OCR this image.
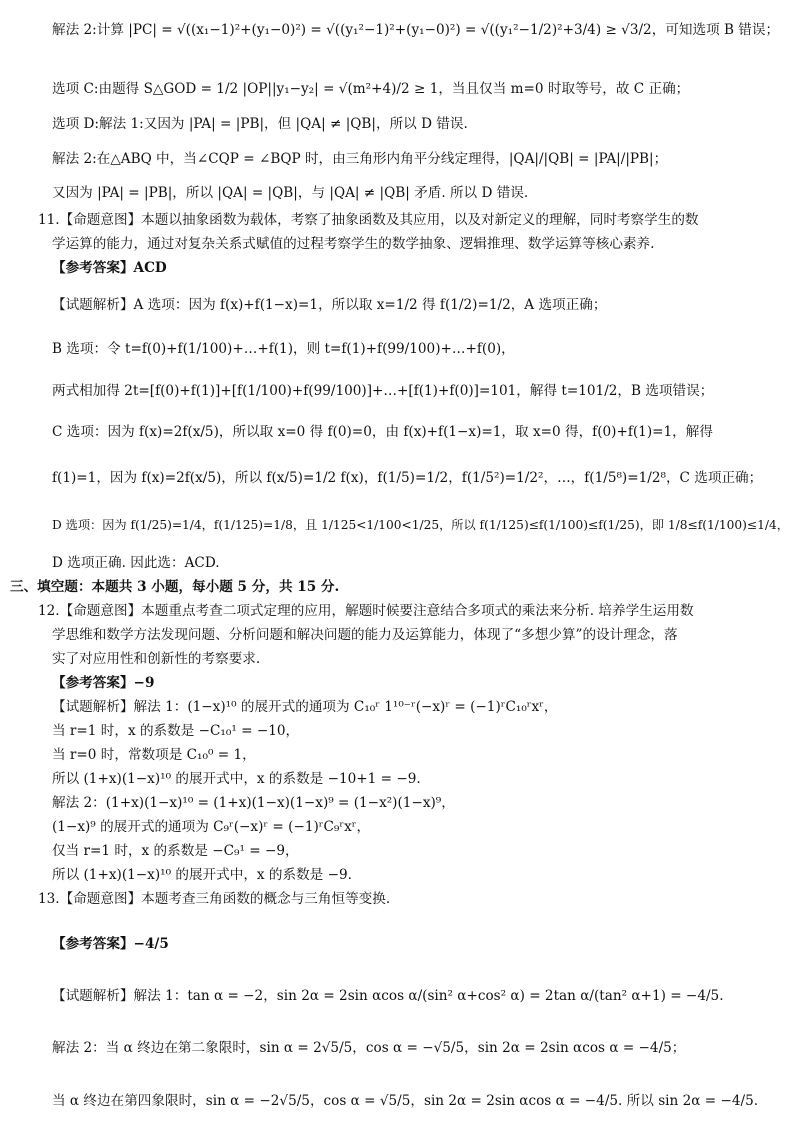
解法 2:计算 |PC| = √((x₁−1)²+(y₁−0)²) = √((y₁²−1)²+(y₁−0)²) = √((y₁²−1/2)²+3/4) ≥ √3/2，可知选项 B 错误；
选项 C:由题得 S△GOD = 1/2 |OP||y₁−y₂| = √(m²+4)/2 ≥ 1，当且仅当 m=0 时取等号，故 C 正确；
选项 D:解法 1:又因为 |PA| = |PB|，但 |QA| ≠ |QB|，所以 D 错误.
解法 2:在△ABQ 中，当∠CQP = ∠BQP 时，由三角形内角平分线定理得，|QA|/|QB| = |PA|/|PB|；
又因为 |PA| = |PB|，所以 |QA| = |QB|，与 |QA| ≠ |QB| 矛盾. 所以 D 错误.
11.【命题意图】本题以抽象函数为载体，考察了抽象函数及其应用，以及对新定义的理解，同时考察学生的数
学运算的能力，通过对复杂关系式赋值的过程考察学生的数学抽象、逻辑推理、数学运算等核心素养.
【参考答案】ACD
【试题解析】A 选项：因为 f(x)+f(1−x)=1，所以取 x=1/2 得 f(1/2)=1/2，A 选项正确；
B 选项：令 t=f(0)+f(1/100)+…+f(1)，则 t=f(1)+f(99/100)+…+f(0)，
两式相加得 2t=[f(0)+f(1)]+[f(1/100)+f(99/100)]+…+[f(1)+f(0)]=101，解得 t=101/2，B 选项错误；
C 选项：因为 f(x)=2f(x/5)，所以取 x=0 得 f(0)=0，由 f(x)+f(1−x)=1，取 x=0 得，f(0)+f(1)=1，解得
f(1)=1，因为 f(x)=2f(x/5)，所以 f(x/5)=1/2 f(x)，f(1/5)=1/2，f(1/5²)=1/2²，…，f(1/5⁸)=1/2⁸，C 选项正确；
D 选项：因为 f(1/25)=1/4，f(1/125)=1/8，且 1/125<1/100<1/25，所以 f(1/125)≤f(1/100)≤f(1/25)，即 1/8≤f(1/100)≤1/4，
D 选项正确. 因此选：ACD.
三、填空题：本题共 3 小题，每小题 5 分，共 15 分.
12.【命题意图】本题重点考查二项式定理的应用，解题时候要注意结合多项式的乘法来分析. 培养学生运用数
学思维和数学方法发现问题、分析问题和解决问题的能力及运算能力，体现了“多想少算”的设计理念，落
实了对应用性和创新性的考察要求.
【参考答案】−9
【试题解析】解法 1：(1−x)¹⁰ 的展开式的通项为 C₁₀ʳ 1¹⁰⁻ʳ(−x)ʳ = (−1)ʳC₁₀ʳxʳ，
当 r=1 时，x 的系数是 −C₁₀¹ = −10，
当 r=0 时，常数项是 C₁₀⁰ = 1，
所以 (1+x)(1−x)¹⁰ 的展开式中，x 的系数是 −10+1 = −9.
解法 2：(1+x)(1−x)¹⁰ = (1+x)(1−x)(1−x)⁹ = (1−x²)(1−x)⁹，
(1−x)⁹ 的展开式的通项为 C₉ʳ(−x)ʳ = (−1)ʳC₉ʳxʳ，
仅当 r=1 时，x 的系数是 −C₉¹ = −9，
所以 (1+x)(1−x)¹⁰ 的展开式中，x 的系数是 −9.
13.【命题意图】本题考查三角函数的概念与三角恒等变换.
【参考答案】−4/5
【试题解析】解法 1：tan α = −2，sin 2α = 2sin αcos α/(sin² α+cos² α) = 2tan α/(tan² α+1) = −4/5.
解法 2：当 α 终边在第二象限时，sin α = 2√5/5，cos α = −√5/5，sin 2α = 2sin αcos α = −4/5；
当 α 终边在第四象限时，sin α = −2√5/5，cos α = √5/5，sin 2α = 2sin αcos α = −4/5. 所以 sin 2α = −4/5.
